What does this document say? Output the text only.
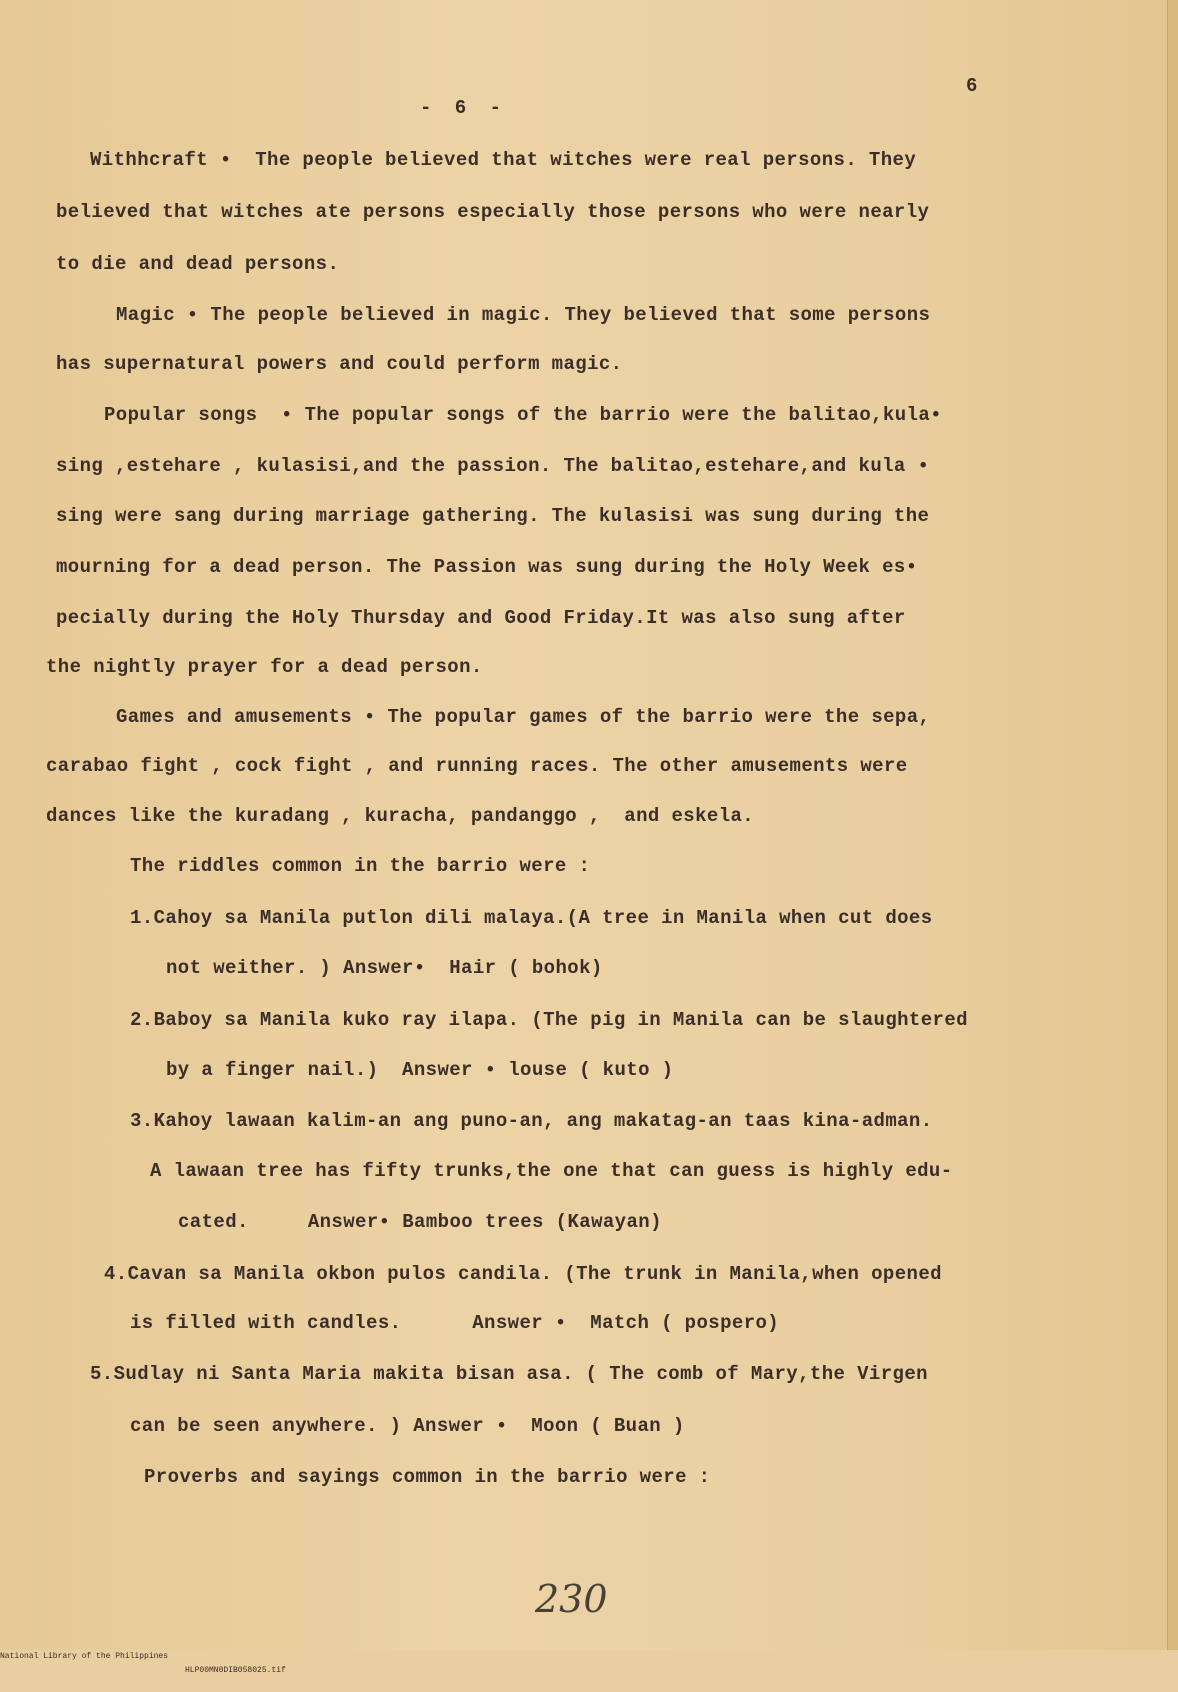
6
- 6 -
Withhcraft •  The people believed that witches were real persons. They
believed that witches ate persons especially those persons who were nearly
to die and dead persons.
Magic • The people believed in magic. They believed that some persons
has supernatural powers and could perform magic.
Popular songs  • The popular songs of the barrio were the balitao,kula•
sing ,estehare , kulasisi,and the passion. The balitao,estehare,and kula •
sing were sang during marriage gathering. The kulasisi was sung during the
mourning for a dead person. The Passion was sung during the Holy Week es•
pecially during the Holy Thursday and Good Friday.It was also sung after
the nightly prayer for a dead person.
Games and amusements • The popular games of the barrio were the sepa,
carabao fight , cock fight , and running races. The other amusements were
dances like the kuradang , kuracha, pandanggo ,  and eskela.
The riddles common in the barrio were :
1.Cahoy sa Manila putlon dili malaya.(A tree in Manila when cut does
not weither. ) Answer•  Hair ( bohok)
2.Baboy sa Manila kuko ray ilapa. (The pig in Manila can be slaughtered
by a finger nail.)  Answer • louse ( kuto )
3.Kahoy lawaan kalim-an ang puno-an, ang makatag-an taas kina-adman.
A lawaan tree has fifty trunks,the one that can guess is highly edu-
cated.     Answer• Bamboo trees (Kawayan)
4.Cavan sa Manila okbon pulos candila. (The trunk in Manila,when opened
is filled with candles.      Answer •  Match ( pospero)
5.Sudlay ni Santa Maria makita bisan asa. ( The comb of Mary,the Virgen
can be seen anywhere. ) Answer •  Moon ( Buan )
Proverbs and sayings common in the barrio were :
230

National Library of the Philippines

HLP00MN0DIB058025.tif
